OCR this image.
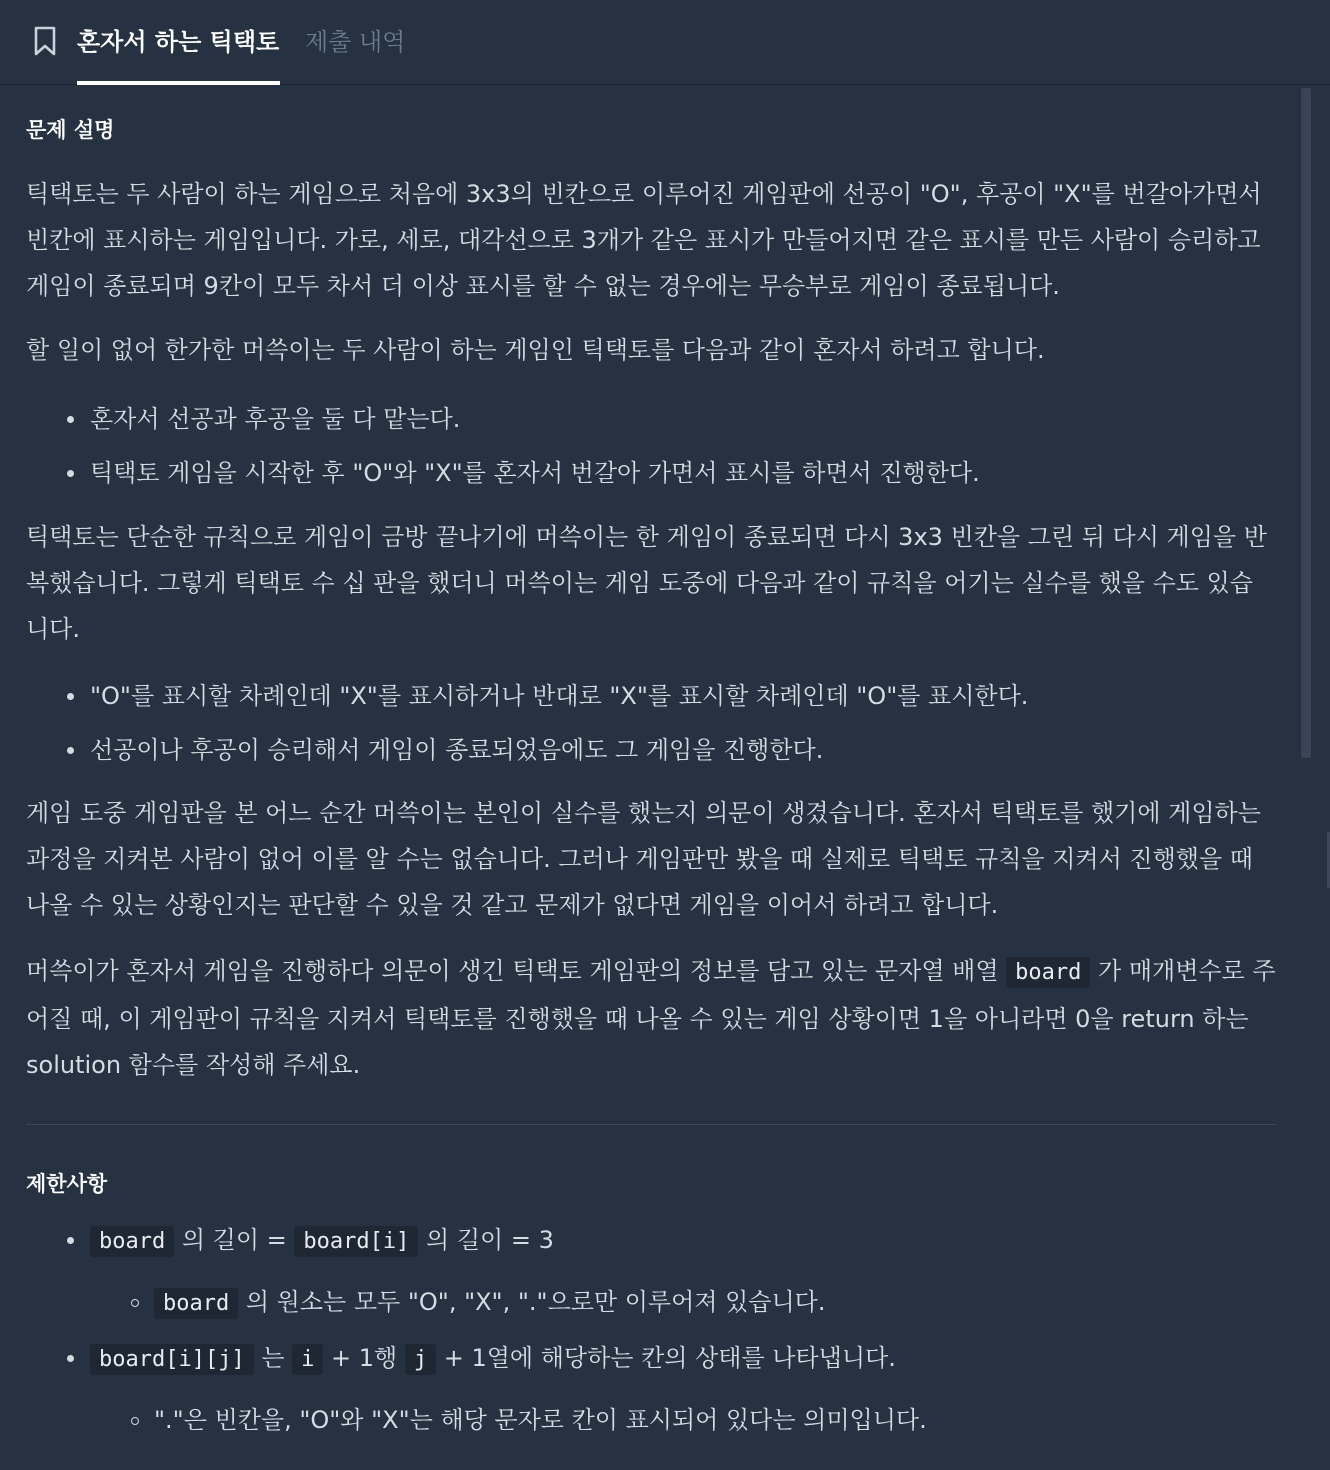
혼자서 하는 틱택토 제출 내역
문제 설명

틱택토는 두 사람이 하는 게임으로 처음에 3x3의 빈칸으로 이루어진 게임판에 선공이 "O", 후공이 "X"를 번갈아가면서 빈칸에 표시하는 게임입니다. 가로, 세로, 대각선으로 3개가 같은 표시가 만들어지면 같은 표시를 만든 사람이 승리하고 게임이 종료되며 9칸이 모두 차서 더 이상 표시를 할 수 없는 경우에는 무승부로 게임이 종료됩니다.

할 일이 없어 한가한 머쓱이는 두 사람이 하는 게임인 틱택토를 다음과 같이 혼자서 하려고 합니다.

혼자서 선공과 후공을 둘 다 맡는다.
틱택토 게임을 시작한 후 "O"와 "X"를 혼자서 번갈아 가면서 표시를 하면서 진행한다.

틱택토는 단순한 규칙으로 게임이 금방 끝나기에 머쓱이는 한 게임이 종료되면 다시 3x3 빈칸을 그린 뒤 다시 게임을 반복했습니다. 그렇게 틱택토 수 십 판을 했더니 머쓱이는 게임 도중에 다음과 같이 규칙을 어기는 실수를 했을 수도 있습니다.

"O"를 표시할 차례인데 "X"를 표시하거나 반대로 "X"를 표시할 차례인데 "O"를 표시한다.
선공이나 후공이 승리해서 게임이 종료되었음에도 그 게임을 진행한다.

게임 도중 게임판을 본 어느 순간 머쓱이는 본인이 실수를 했는지 의문이 생겼습니다. 혼자서 틱택토를 했기에 게임하는 과정을 지켜본 사람이 없어 이를 알 수는 없습니다. 그러나 게임판만 봤을 때 실제로 틱택토 규칙을 지켜서 진행했을 때 나올 수 있는 상황인지는 판단할 수 있을 것 같고 문제가 없다면 게임을 이어서 하려고 합니다.

머쓱이가 혼자서 게임을 진행하다 의문이 생긴 틱택토 게임판의 정보를 담고 있는 문자열 배열 board 가 매개변수로 주어질 때, 이 게임판이 규칙을 지켜서 틱택토를 진행했을 때 나올 수 있는 게임 상황이면 1을 아니라면 0을 return 하는 solution 함수를 작성해 주세요.

제한사항
board 의 길이 = board[i] 의 길이 = 3
board 의 원소는 모두 "O", "X", "."으로만 이루어져 있습니다.
board[i][j] 는 i + 1행 j + 1열에 해당하는 칸의 상태를 나타냅니다.
"."은 빈칸을, "O"와 "X"는 해당 문자로 칸이 표시되어 있다는 의미입니다.
